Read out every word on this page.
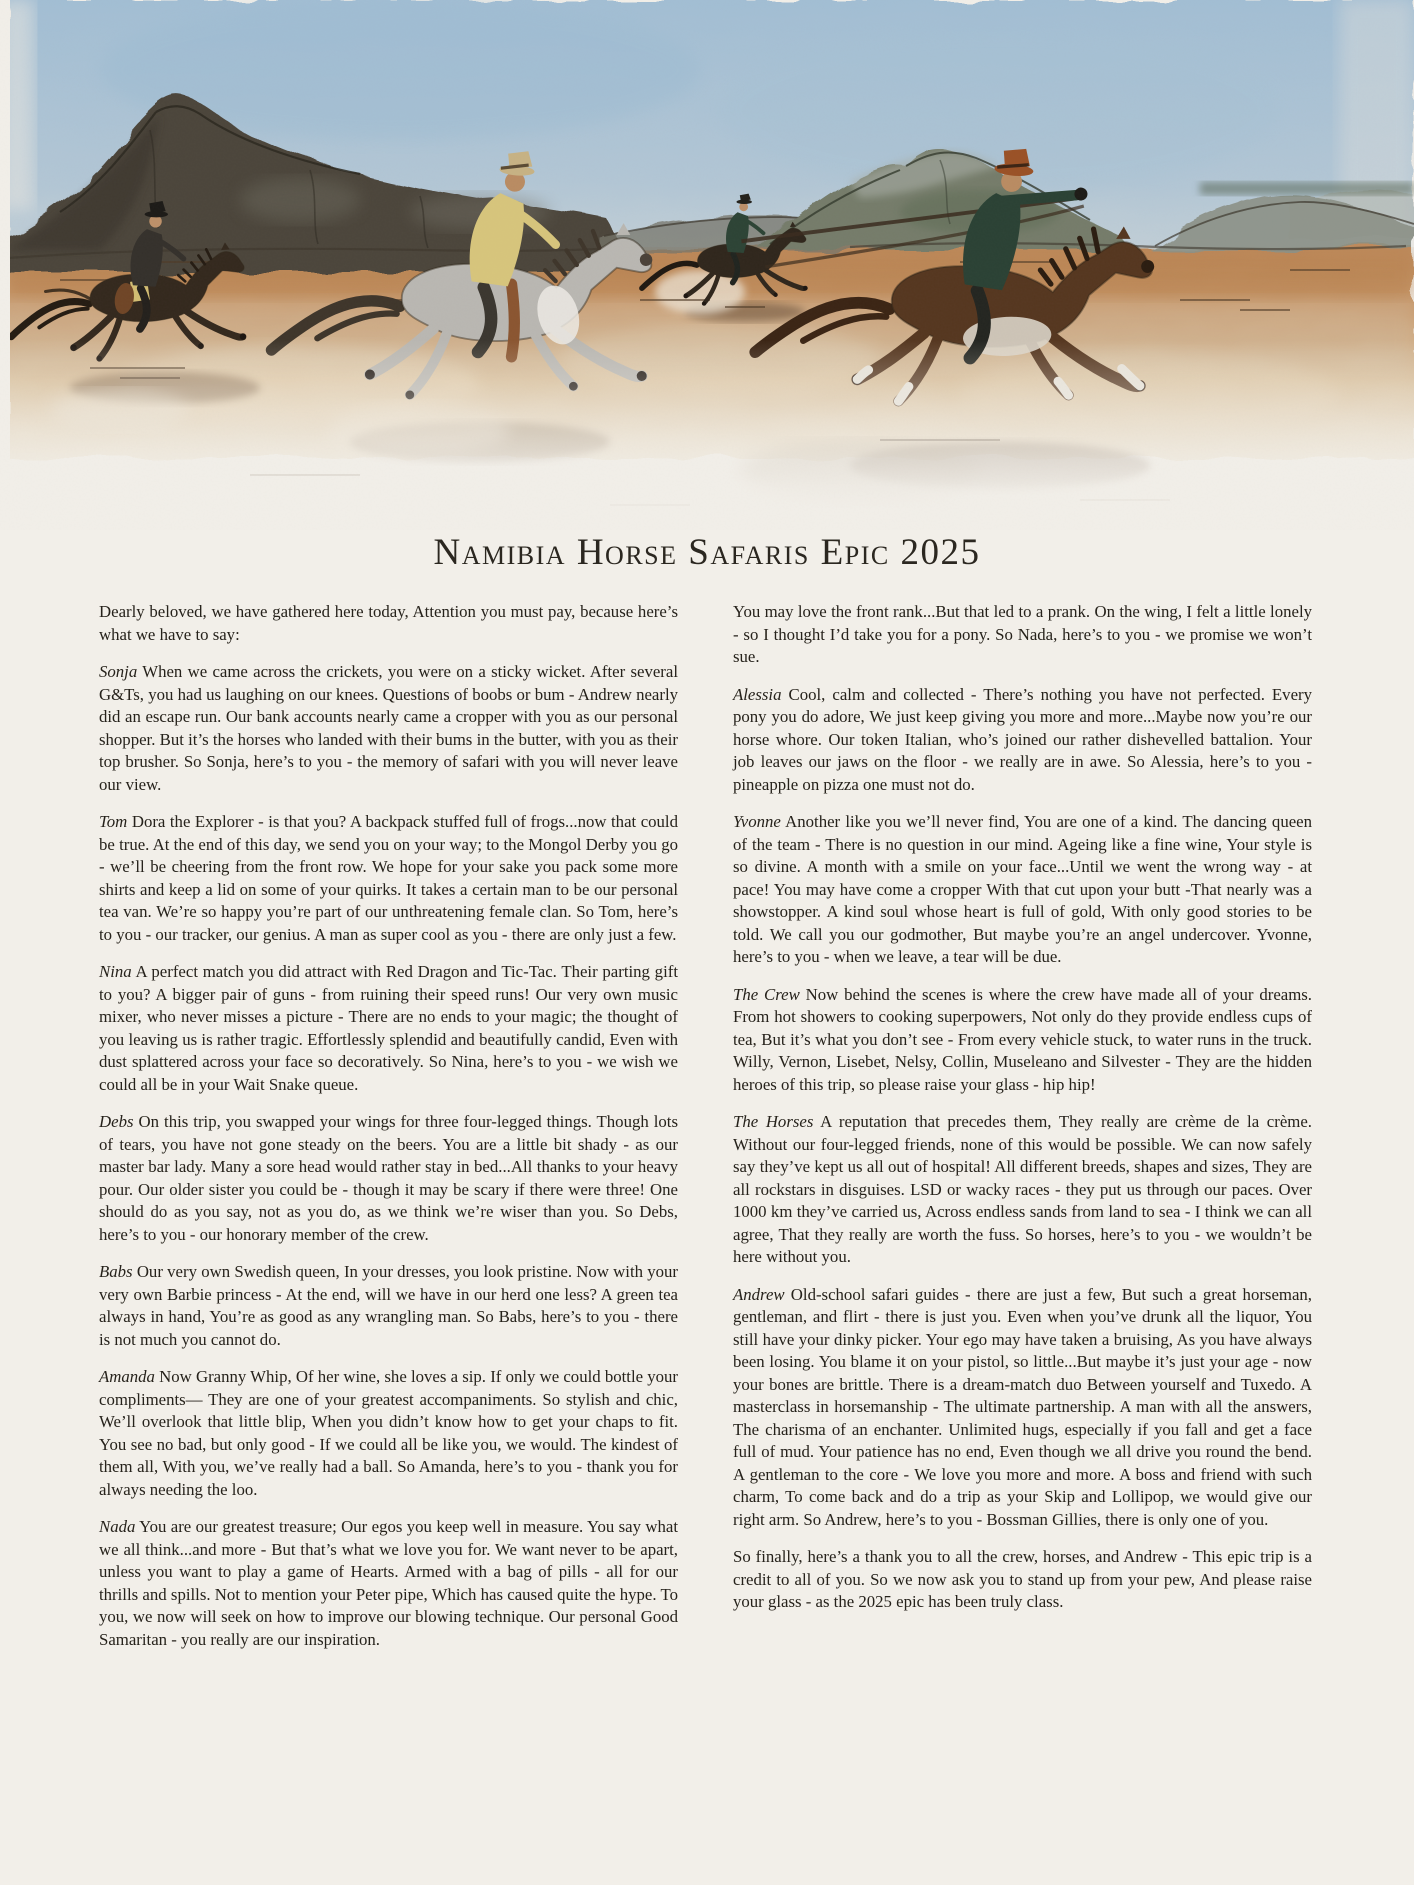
Namibia Horse Safaris Epic 2025

Dearly beloved, we have gathered here today, Attention you must pay, because here’s what we have to say:

Sonja When we came across the crickets, you were on a sticky wicket. After several G&Ts, you had us laughing on our knees. Questions of boobs or bum - Andrew nearly did an escape run. Our bank accounts nearly came a cropper with you as our personal shopper. But it’s the horses who landed with their bums in the butter, with you as their top brusher. So Sonja, here’s to you - the memory of safari with you will never leave our view.

Tom Dora the Explorer - is that you? A backpack stuffed full of frogs...now that could be true. At the end of this day, we send you on your way; to the Mongol Derby you go - we’ll be cheering from the front row. We hope for your sake you pack some more shirts and keep a lid on some of your quirks. It takes a certain man to be our personal tea van. We’re so happy you’re part of our unthreatening female clan. So Tom, here’s to you - our tracker, our genius. A man as super cool as you - there are only just a few.

Nina A perfect match you did attract with Red Dragon and Tic-Tac. Their parting gift to you? A bigger pair of guns - from ruining their speed runs! Our very own music mixer, who never misses a picture - There are no ends to your magic; the thought of you leaving us is rather tragic. Effortlessly splendid and beautifully candid, Even with dust splattered across your face so decoratively. So Nina, here’s to you - we wish we could all be in your Wait Snake queue.

Debs On this trip, you swapped your wings for three four-legged things. Though lots of tears, you have not gone steady on the beers. You are a little bit shady - as our master bar lady. Many a sore head would rather stay in bed...All thanks to your heavy pour. Our older sister you could be - though it may be scary if there were three! One should do as you say, not as you do, as we think we’re wiser than you. So Debs, here’s to you - our honorary member of the crew.

Babs Our very own Swedish queen, In your dresses, you look pristine. Now with your very own Barbie princess - At the end, will we have in our herd one less? A green tea always in hand, You’re as good as any wrangling man. So Babs, here’s to you - there is not much you cannot do.

Amanda Now Granny Whip, Of her wine, she loves a sip. If only we could bottle your compliments— They are one of your greatest accompaniments. So stylish and chic, We’ll overlook that little blip, When you didn’t know how to get your chaps to fit. You see no bad, but only good - If we could all be like you, we would. The kindest of them all, With you, we’ve really had a ball. So Amanda, here’s to you - thank you for always needing the loo.

Nada You are our greatest treasure; Our egos you keep well in measure. You say what we all think...and more - But that’s what we love you for. We want never to be apart, unless you want to play a game of Hearts. Armed with a bag of pills - all for our thrills and spills. Not to mention your Peter pipe, Which has caused quite the hype. To you, we now will seek on how to improve our blowing technique. Our personal Good Samaritan - you really are our inspiration.

You may love the front rank...But that led to a prank. On the wing, I felt a little lonely - so I thought I’d take you for a pony. So Nada, here’s to you - we promise we won’t sue.

Alessia Cool, calm and collected - There’s nothing you have not perfected. Every pony you do adore, We just keep giving you more and more...Maybe now you’re our horse whore. Our token Italian, who’s joined our rather dishevelled battalion. Your job leaves our jaws on the floor - we really are in awe. So Alessia, here’s to you - pineapple on pizza one must not do.

Yvonne Another like you we’ll never find, You are one of a kind. The dancing queen of the team - There is no question in our mind. Ageing like a fine wine, Your style is so divine. A month with a smile on your face...Until we went the wrong way - at pace! You may have come a cropper With that cut upon your butt -That nearly was a showstopper. A kind soul whose heart is full of gold, With only good stories to be told. We call you our godmother, But maybe you’re an angel undercover. Yvonne, here’s to you - when we leave, a tear will be due.

The Crew Now behind the scenes is where the crew have made all of your dreams. From hot showers to cooking superpowers, Not only do they provide endless cups of tea, But it’s what you don’t see - From every vehicle stuck, to water runs in the truck. Willy, Vernon, Lisebet, Nelsy, Collin, Museleano and Silvester - They are the hidden heroes of this trip, so please raise your glass - hip hip!

The Horses A reputation that precedes them, They really are crème de la crème. Without our four-legged friends, none of this would be possible. We can now safely say they’ve kept us all out of hospital! All different breeds, shapes and sizes, They are all rockstars in disguises. LSD or wacky races - they put us through our paces. Over 1000 km they’ve carried us, Across endless sands from land to sea - I think we can all agree, That they really are worth the fuss. So horses, here’s to you - we wouldn’t be here without you.

Andrew Old-school safari guides - there are just a few, But such a great horseman, gentleman, and flirt - there is just you. Even when you’ve drunk all the liquor, You still have your dinky picker. Your ego may have taken a bruising, As you have always been losing. You blame it on your pistol, so little...But maybe it’s just your age - now your bones are brittle. There is a dream-match duo Between yourself and Tuxedo. A masterclass in horsemanship - The ultimate partnership. A man with all the answers, The charisma of an enchanter. Unlimited hugs, especially if you fall and get a face full of mud. Your patience has no end, Even though we all drive you round the bend. A gentleman to the core - We love you more and more. A boss and friend with such charm, To come back and do a trip as your Skip and Lollipop, we would give our right arm. So Andrew, here’s to you - Bossman Gillies, there is only one of you.

So finally, here’s a thank you to all the crew, horses, and Andrew - This epic trip is a credit to all of you. So we now ask you to stand up from your pew, And please raise your glass - as the 2025 epic has been truly class.
